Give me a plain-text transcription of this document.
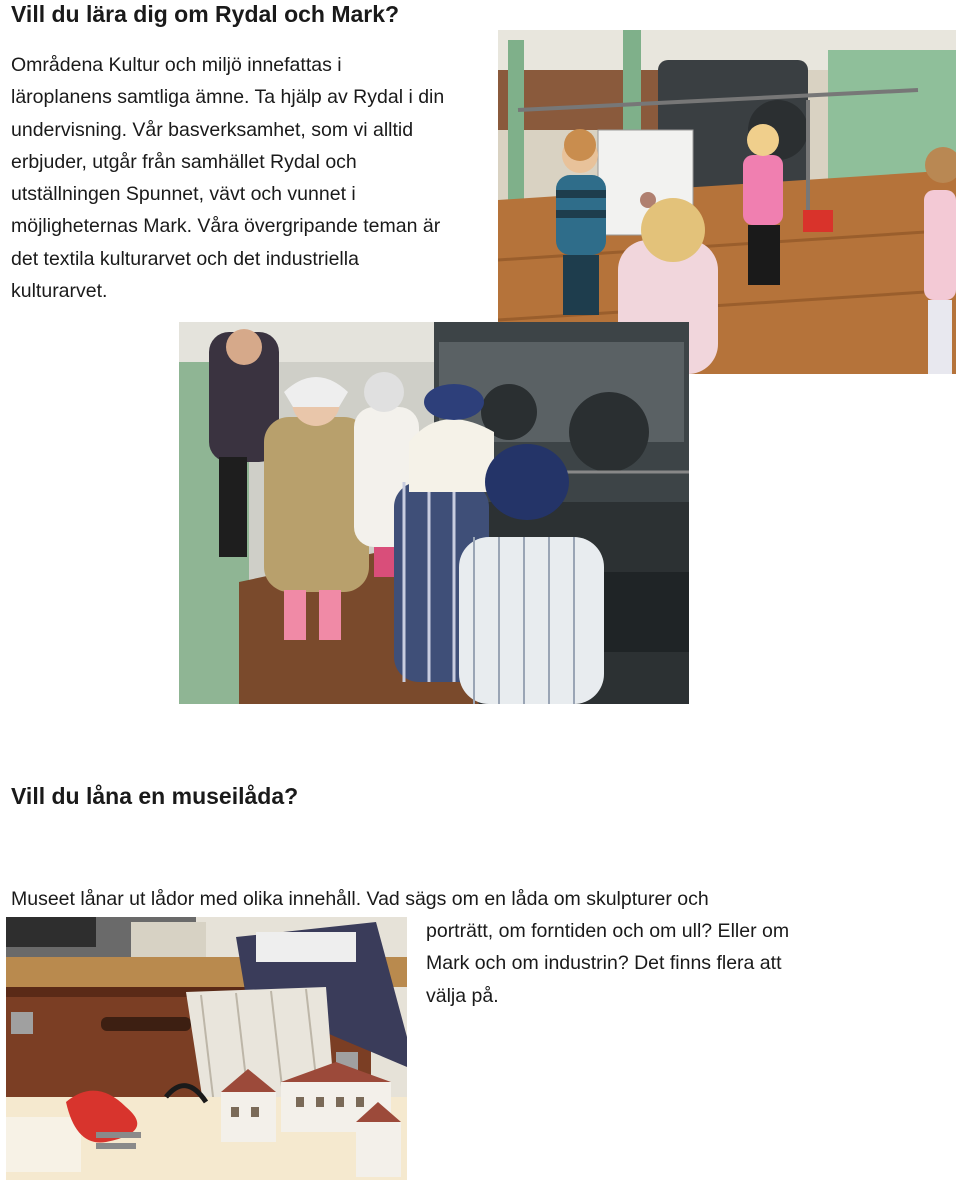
Vill du lära dig om Rydal och Mark?

Områdena Kultur och miljö innefattas i
läroplanens samtliga ämne. Ta hjälp av Rydal i din
undervisning. Vår basverksamhet, som vi alltid
erbjuder, utgår från samhället Rydal och
utställningen Spunnet, vävt och vunnet i
möjligheternas Mark. Våra övergripande teman är
det textila kulturarvet och det industriella
kulturarvet.

Vill du låna en museilåda?

Museet lånar ut lådor med olika innehåll. Vad sägs om en låda om skulpturer och

porträtt, om forntiden och om ull? Eller om
Mark och om industrin? Det finns flera att
välja på.
